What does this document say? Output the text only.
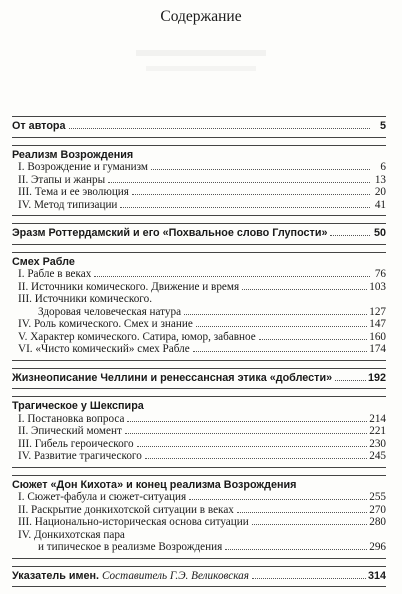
Содержание
От автора	5
Реализм Возрождения
I. Возрождение и гуманизм	6
II. Этапы и жанры	13
III. Тема и ее эволюция	20
IV. Метод типизации	41
Эразм Роттердамский и его «Похвальное слово Глупости»	50
Смех Рабле
I. Рабле в веках	76
II. Источники комического. Движение и время	103
III. Источники комического.
Здоровая человеческая натура	127
IV. Роль комического. Смех и знание	147
V. Характер комического. Сатира, юмор, забавное	160
VI. «Чисто комический» смех Рабле	174
Жизнеописание Челлини и ренессансная этика «доблести»	192
Трагическое у Шекспира
I. Постановка вопроса	214
II. Эпический момент	221
III. Гибель героического	230
IV. Развитие трагического	245
Сюжет «Дон Кихота» и конец реализма Возрождения
I. Сюжет-фабула и сюжет-ситуация	255
II. Раскрытие донкихотской ситуации в веках	270
III. Национально-историческая основа ситуации	280
IV. Донкихотская пара
и типическое в реализме Возрождения	296
Указатель имен.
Составитель Г.Э. Великовская	314
